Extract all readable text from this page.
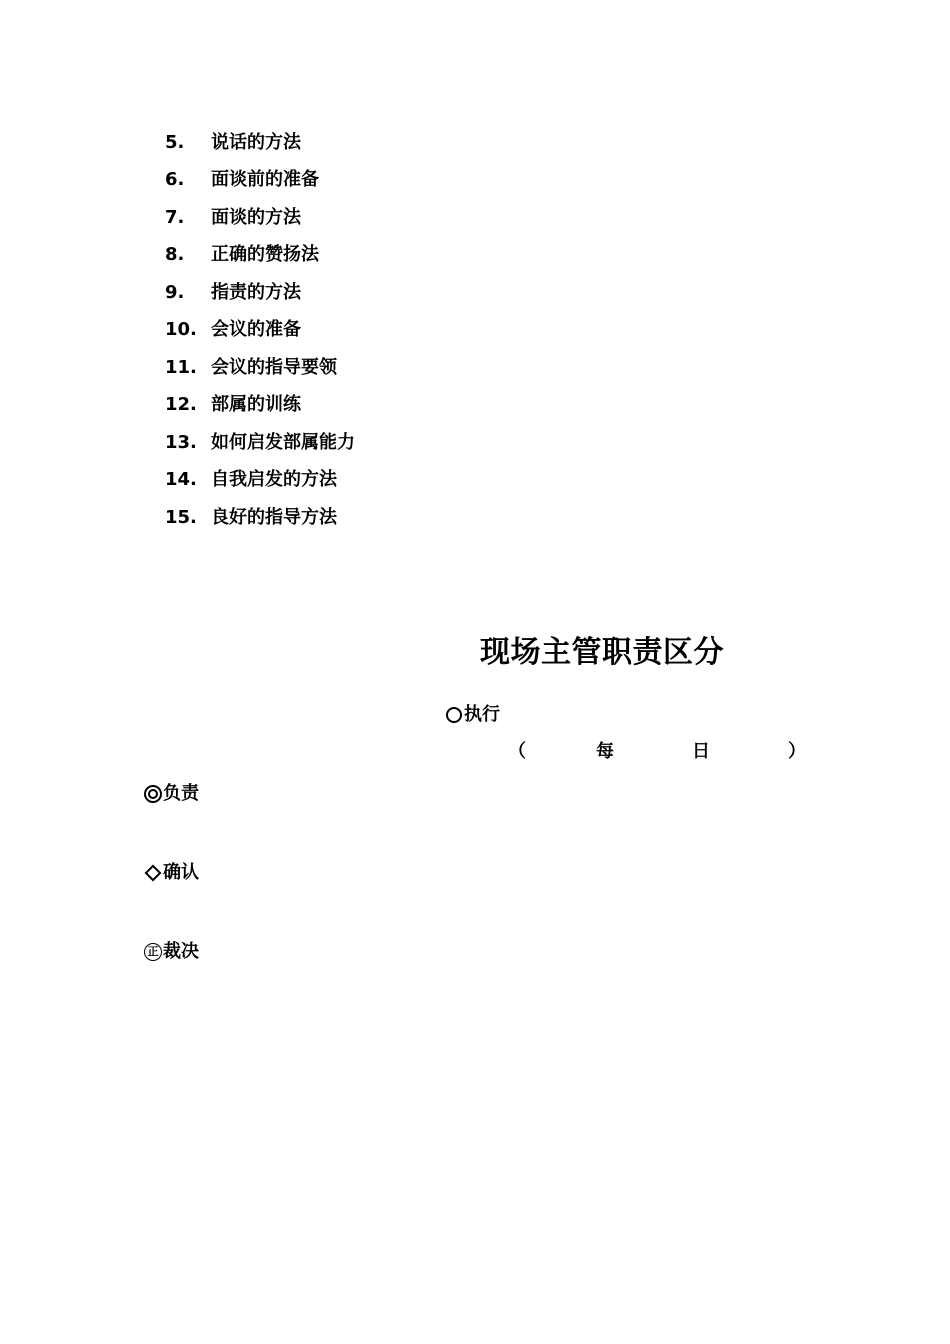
5.	说话的方法
6.	面谈前的准备
7.	面谈的方法
8.	正确的赞扬法
9.	指责的方法
10. 会议的准备
11. 会议的指导要领
12. 部属的训练
13. 如何启发部属能力
14. 自我启发的方法
15. 良好的指导方法
现场主管职责区分
执行
（	每	日	）
负责
确认
正 裁决
